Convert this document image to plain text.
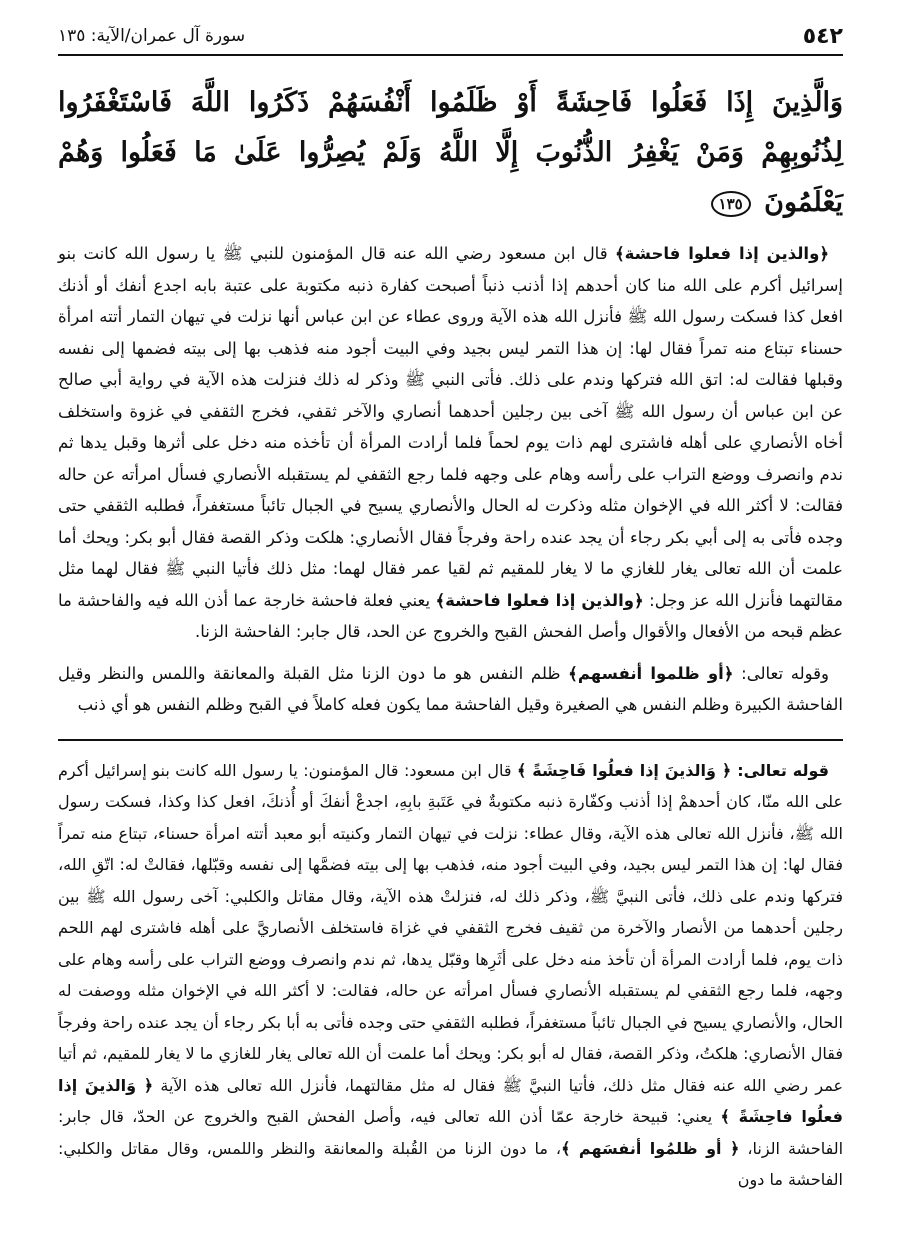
٥٤٢
سورة آل عمران/الآية: ١٣٥
وَالَّذِينَ إِذَا فَعَلُوا فَاحِشَةً أَوْ ظَلَمُوا أَنْفُسَهُمْ ذَكَرُوا اللَّهَ فَاسْتَغْفَرُوا لِذُنُوبِهِمْ وَمَنْ يَغْفِرُ الذُّنُوبَ إِلَّا اللَّهُ وَلَمْ يُصِرُّوا عَلَىٰ مَا فَعَلُوا وَهُمْ يَعْلَمُونَ ١٣٥

﴿والذين إذا فعلوا فاحشة﴾ قال ابن مسعود رضي الله عنه قال المؤمنون للنبي ﷺ يا رسول الله كانت بنو إسرائيل أكرم على الله منا كان أحدهم إذا أذنب ذنباً أصبحت كفارة ذنبه مكتوبة على عتبة بابه اجدع أنفك أو أذنك افعل كذا فسكت رسول الله ﷺ فأنزل الله هذه الآية وروى عطاء عن ابن عباس أنها نزلت في تيهان التمار أتته امرأة حسناء تبتاع منه تمراً فقال لها: إن هذا التمر ليس بجيد وفي البيت أجود منه فذهب بها إلى بيته فضمها إلى نفسه وقبلها فقالت له: اتق الله فتركها وندم على ذلك. فأتى النبي ﷺ وذكر له ذلك فنزلت هذه الآية في رواية أبي صالح عن ابن عباس أن رسول الله ﷺ آخى بين رجلين أحدهما أنصاري والآخر ثقفي، فخرج الثقفي في غزوة واستخلف أخاه الأنصاري على أهله فاشترى لهم ذات يوم لحماً فلما أرادت المرأة أن تأخذه منه دخل على أثرها وقبل يدها ثم ندم وانصرف ووضع التراب على رأسه وهام على وجهه فلما رجع الثقفي لم يستقبله الأنصاري فسأل امرأته عن حاله فقالت: لا أكثر الله في الإخوان مثله وذكرت له الحال والأنصاري يسيح في الجبال تائباً مستغفراً، فطلبه الثقفي حتى وجده فأتى به إلى أبي بكر رجاء أن يجد عنده راحة وفرجاً فقال الأنصاري: هلكت وذكر القصة فقال أبو بكر: ويحك أما علمت أن الله تعالى يغار للغازي ما لا يغار للمقيم ثم لقيا عمر فقال لهما: مثل ذلك فأتيا النبي ﷺ فقال لهما مثل مقالتهما فأنزل الله عز وجل: ﴿والذين إذا فعلوا فاحشة﴾ يعني فعلة فاحشة خارجة عما أذن الله فيه والفاحشة ما عظم قبحه من الأفعال والأقوال وأصل الفحش القبح والخروج عن الحد، قال جابر: الفاحشة الزنا.

وقوله تعالى: ﴿أو ظلموا أنفسهم﴾ ظلم النفس هو ما دون الزنا مثل القبلة والمعانقة واللمس والنظر وقيل الفاحشة الكبيرة وظلم النفس هي الصغيرة وقيل الفاحشة مما يكون فعله كاملاً في القبح وظلم النفس هو أي ذنب

قوله تعالى: ﴿ وَالذينَ إذا فعلُوا فَاحِشَةً ﴾ قال ابن مسعود: قال المؤمنون: يا رسول الله كانت بنو إسرائيل أكرم على الله منّا، كان أحدهمْ إذا أذنب وكفّارة ذنبه مكتوبةٌ في عَتَبةِ بابِهِ، اجدعْ أنفكَ أو أُذنكَ، افعل كذا وكذا، فسكت رسول الله ﷺ، فأنزل الله تعالى هذه الآية، وقال عطاء: نزلت في تيهان التمار وكنيته أبو معبد أتته امرأة حسناء، تبتاع منه تمراً فقال لها: إن هذا التمر ليس بجيد، وفي البيت أجود منه، فذهب بها إلى بيته فضمَّها إلى نفسه وقبّلها، فقالتْ له: اتّقِ الله، فتركها وندم على ذلك، فأتى النبيَّ ﷺ، وذكر ذلك له، فنزلتْ هذه الآية، وقال مقاتل والكلبي: آخى رسول الله ﷺ بين رجلين أحدهما من الأنصار والآخرة من ثقيف فخرج الثقفي في غزاة فاستخلف الأنصاريَّ على أهله فاشترى لهم اللحم ذات يوم، فلما أرادت المرأة أن تأخذ منه دخل على أثَرِها وقبّل يدها، ثم ندم وانصرف ووضع التراب على رأسه وهام على وجهه، فلما رجع الثقفي لم يستقبله الأنصاري فسأل امرأته عن حاله، فقالت: لا أكثر الله في الإخوان مثله ووصفت له الحال، والأنصاري يسيح في الجبال تائباً مستغفراً، فطلبه الثقفي حتى وجده فأتى به أبا بكر رجاء أن يجد عنده راحة وفرجاً فقال الأنصاري: هلكتُ، وذكر القصة، فقال له أبو بكر: ويحك أما علمت أن الله تعالى يغار للغازي ما لا يغار للمقيم، ثم أتيا عمر رضي الله عنه فقال مثل ذلك، فأتيا النبيَّ ﷺ فقال له مثل مقالتهما، فأنزل الله تعالى هذه الآية ﴿ وَالذينَ إذا فعلُوا فاحِشَةً ﴾ يعني: قبيحة خارجة عمّا أذن الله تعالى فيه، وأصل الفحش القبح والخروج عن الحدّ، قال جابر: الفاحشة الزنا، ﴿ أو ظلمُوا أنفسَهم ﴾، ما دون الزنا من القُبلة والمعانقة والنظر واللمس، وقال مقاتل والكلبي: الفاحشة ما دون
